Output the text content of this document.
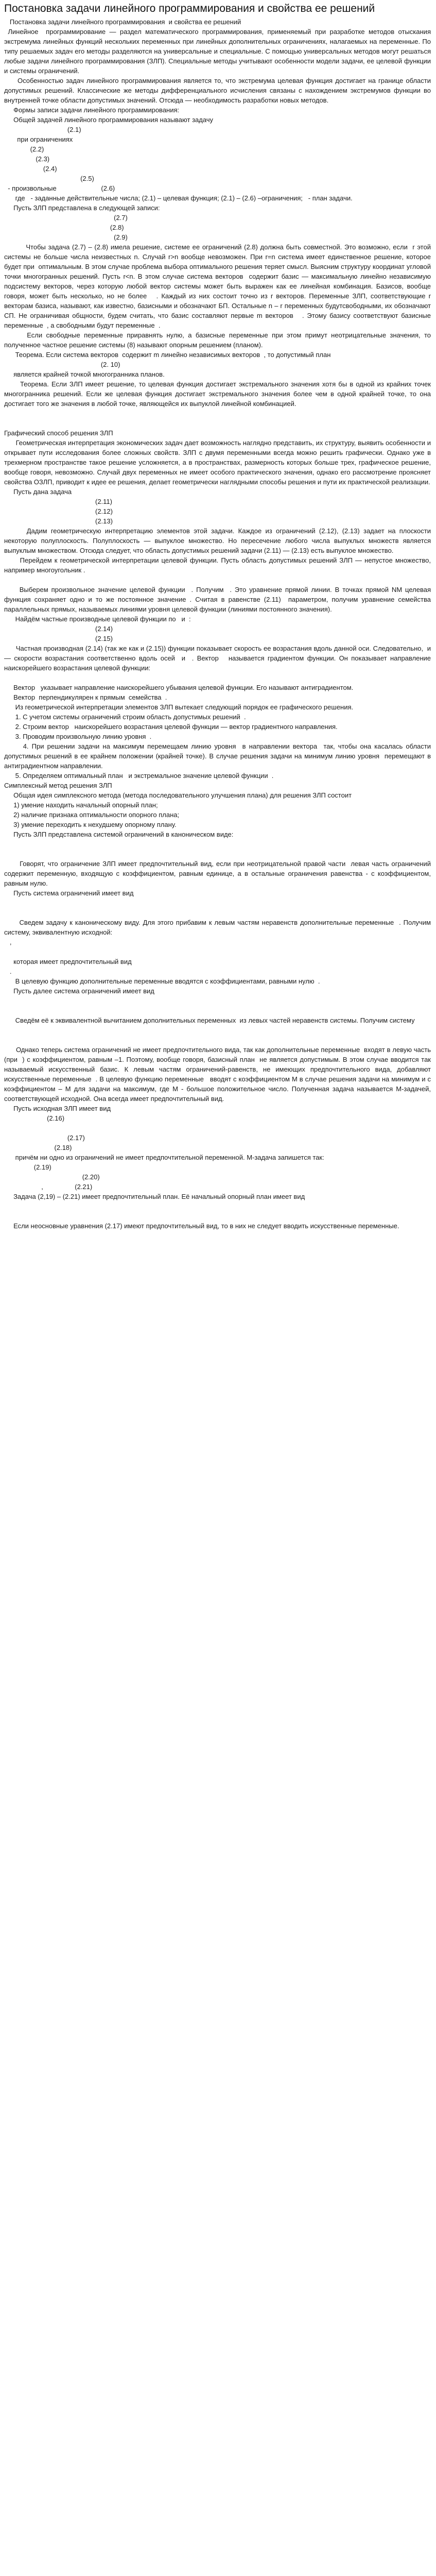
Постановка задачи линейного программирования и свойства ее решений
Постановка задачи линейного программирования  и свойства ее решений
Линейное  программирование — раздел математического программирования, применяемый при разработке методов отыскания экстремума линейных функций нескольких переменных при линейных дополнительных ограничениях, налагаемых на переменные. По типу решаемых задач его методы разделяются на универсальные и специальные. С помощью универсальных методов могут решаться любые задачи линейного программирования (ЗЛП). Специальные методы учитывают особенности модели задачи, ее целевой функции и системы ограничений.
Особенностью задач линейного программирования является то, что экстремума целевая функция достигает на границе области допустимых решений. Классические же методы дифференциального исчисления связаны с нахождением экстремумов функции во внутренней точке области допустимых значений. Отсюда — необходимость разработки новых методов.
Формы записи задачи линейного программирования:
Общей задачей линейного программирования называют задачу
(2.1)
при ограничениях
(2.2)
(2.3)
(2.4)
(2.5)
- произвольные                        (2.6)
где   - заданные действительные числа; (2.1) – целевая функция; (2.1) – (2.6) –ограничения;   - план задачи.
Пусть ЗЛП представлена в следующей записи:
(2.7)
(2.8)
(2.9)
Чтобы задача (2.7) – (2.8) имела решение, системе ее ограничений (2.8) должна быть совместной. Это возможно, если  r этой системы не больше числа неизвестных n. Случай r>n вообще невозможен. При r=n система имеет единственное решение, которое будет при  оптимальным. В этом случае проблема выбора оптимального решения теряет смысл. Выясним структуру координат угловой точки многогранных решений. Пусть r<n. В этом случае система векторов  содержит базис — максимальную линейно независимую подсистему векторов, через которую любой вектор системы может быть выражен как ее линейная комбинация. Базисов, вообще говоря, может быть несколько, но не более   . Каждый из них состоит точно из r векторов. Переменные ЗЛП, соответствующие r векторам базиса, называют, как известно, базисными и обозначают БП. Остальные n – r переменных будутсвободными, их обозначают СП. Не ограничивая общности, будем считать, что базис составляют первые m векторов   . Этому базису соответствуют базисные переменные  , а свободными будут переменные  .
Если свободные переменные приравнять нулю, а базисные переменные при этом примут неотрицательные значения, то полученное частное решение системы (8) называют опорным решением (планом).
Теорема. Если система векторов  содержит m линейно независимых векторов  , то допустимый план
(2. 10)
является крайней точкой многогранника планов.
Теорема. Если ЗЛП имеет решение, то целевая функция достигает экстремального значения хотя бы в одной из крайних точек многогранника решений. Если же целевая функция достигает экстремального значения более чем в одной крайней точке, то она достигает того же значения в любой точке, являющейся их выпуклой линейной комбинацией.

Графический способ решения ЗЛП
Геометрическая интерпретация экономических задач дает возможность наглядно представить, их структуру, выявить особенности и открывает пути исследования более сложных свойств. ЗЛП с двумя переменными всегда можно решить графически. Однако уже в трехмерном пространстве такое решение усложняется, а в пространствах, размерность которых больше трех, графическое решение, вообще говоря, невозможно. Случай двух переменных не имеет особого практического значения, однако его рассмотрение проясняет свойства ОЗЛП, приводит к идее ее решения, делает геометрически наглядными способы решения и пути их практической реализации.
Пусть дана задача
(2.11)
(2.12)
(2.13)
Дадим геометрическую интерпретацию элементов этой задачи. Каждое из ограничений (2.12), (2.13) задает на плоскости  некоторую полуплоскость. Полуплоскость — выпуклое множество. Но пересечение любого числа выпуклых множеств является выпуклым множеством. Отсюда следует, что область допустимых решений задачи (2.11) — (2.13) есть выпуклое множество.
Перейдем к геометрической интерпретации целевой функции. Пусть область допустимых решений ЗЛП — непустое множество, например многоугольник .

Выберем произвольное значение целевой функции  . Получим  . Это уравнение прямой линии. В точках прямой NM целевая функция сохраняет одно и то же постоянное значение . Считая в равенстве (2.11)  параметром, получим уравнение семейства параллельных прямых, называемых линиями уровня целевой функции (линиями постоянного значения).
Найдём частные производные целевой функции по   и  :
(2.14)
(2.15)
Частная производная (2.14) (так же как и (2.15)) функции показывает скорость ее возрастания вдоль данной оси. Следовательно,  и  — скорости возрастания соответственно вдоль осей  и  . Вектор   называется градиентом функции. Он показывает направление наискорейшего возрастания целевой функции:

Вектор   указывает направление наискорейшего убывания целевой функции. Его называют антиградиентом.
Вектор  перпендикулярен к прямым  семейства  .
Из геометрической интерпретации элементов ЗЛП вытекает следующий порядок ее графического решения.
1. С учетом системы ограничений строим область допустимых решений  .
2. Строим вектор   наискорейшего возрастания целевой функции — вектор градиентного направления.
3. Проводим произвольную линию уровня  .
4. При решении задачи на максимум перемещаем линию уровня  в направлении вектора  так, чтобы она касалась области допустимых решений в ее крайнем положении (крайней точке). В случае решения задачи на минимум линию уровня  перемещают в антиградиентном направлении.
5. Определяем оптимальный план   и экстремальное значение целевой функции  .
Симплексный метод решения ЗЛП
Общая идея симплексного метода (метода последовательного улучшения плана) для решения ЗЛП состоит
1) умение находить начальный опорный план;
2) наличие признака оптимальности опорного плана;
3) умение переходить к нехудшему опорному плану.
Пусть ЗЛП представлена системой ограничений в каноническом виде:

Говорят, что ограничение ЗЛП имеет предпочтительный вид, если при неотрицательной правой части  левая часть ограничений содержит переменную, входящую с коэффициентом, равным единице, а в остальные ограничения равенства - с коэффициентом, равным нулю.
Пусть система ограничений имеет вид

Сведем задачу к каноническому виду. Для этого прибавим к левым частям неравенств дополнительные переменные  . Получим систему, эквивалентную исходной:
,

которая имеет предпочтительный вид
.
В целевую функцию дополнительные переменные вводятся с коэффициентами, равными нулю  .
Пусть далее система ограничений имеет вид

Сведём её к эквивалентной вычитанием дополнительных переменных  из левых частей неравенств системы. Получим систему

Однако теперь система ограничений не имеет предпочтительного вида, так как дополнительные переменные  входят в левую часть (при  ) с коэффициентом, равным –1. Поэтому, вообще говоря, базисный план  не является допустимым. В этом случае вводится так называемый искусственный базис. К левым частям ограничений-равенств, не имеющих предпочтительного вида, добавляют искусственные переменные  . В целевую функцию переменные   вводят с коэффициентом М в случае решения задачи на минимум и с коэффициентом – М для задачи на максимум, где М - большое положительное число. Полученная задача называется М-задачей, соответствующей исходной. Она всегда имеет предпочтительный вид.
Пусть исходная ЗЛП имеет вид
(2.16)

(2.17)
(2.18)
причём ни одно из ограничений не имеет предпочтительной переменной. М-задача запишется так:
(2.19)
(2.20)
,                 (2.21)
Задача (2,19) – (2.21) имеет предпочтительный план. Её начальный опорный план имеет вид

Если неосновные уравнения (2.17) имеют предпочтительный вид, то в них не следует вводить искусственные переменные.
